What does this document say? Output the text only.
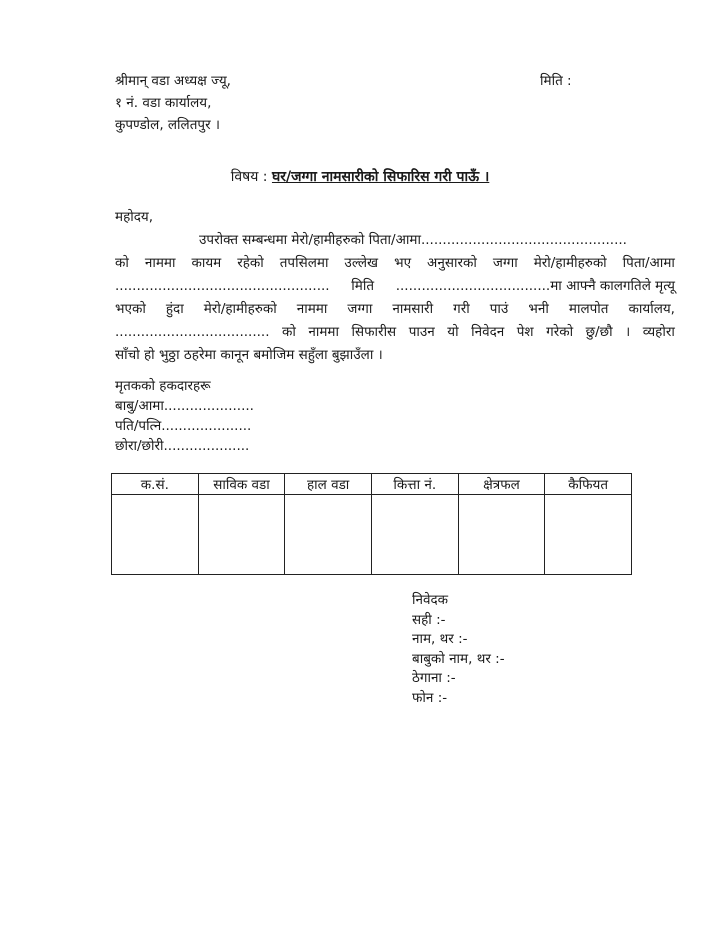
श्रीमान् वडा अध्यक्ष ज्यू,
१ नं. वडा कार्यालय,
कुपण्डोल, ललितपुर ।
मिति :
विषय : घर/जग्गा नामसारीको सिफारिस गरी पाऊँ ।
महोदय,
उपरोक्त सम्बन्धमा मेरो/हामीहरुको पिता/आमा................................................
को नाममा कायम रहेको तपसिलमा उल्लेख भए अनुसारको जग्गा मेरो/हामीहरुको पिता/आमा
.................................................. मिति ....................................मा आफ्नै कालगतिले मृत्यू
भएको हुंदा मेरो/हामीहरुको नाममा जग्गा नामसारी गरी पाउं भनी मालपोत कार्यालय,
.................................... को नाममा सिफारीस पाउन यो निवेदन पेश गरेको छु/छौ । व्यहोरा
साँचो हो भुठ्ठा ठहरेमा कानून बमोजिम सहुँला बुझाउँला ।
मृतकको हकदारहरू
बाबु/आमा.....................
पति/पत्नि.....................
छोरा/छोरी....................
क.सं.	साविक वडा	हाल वडा	कित्ता नं.	क्षेत्रफल	कैफियत

निवेदक
सही :-
नाम, थर :-
बाबुको नाम, थर :-
ठेगाना :-
फोन :-
